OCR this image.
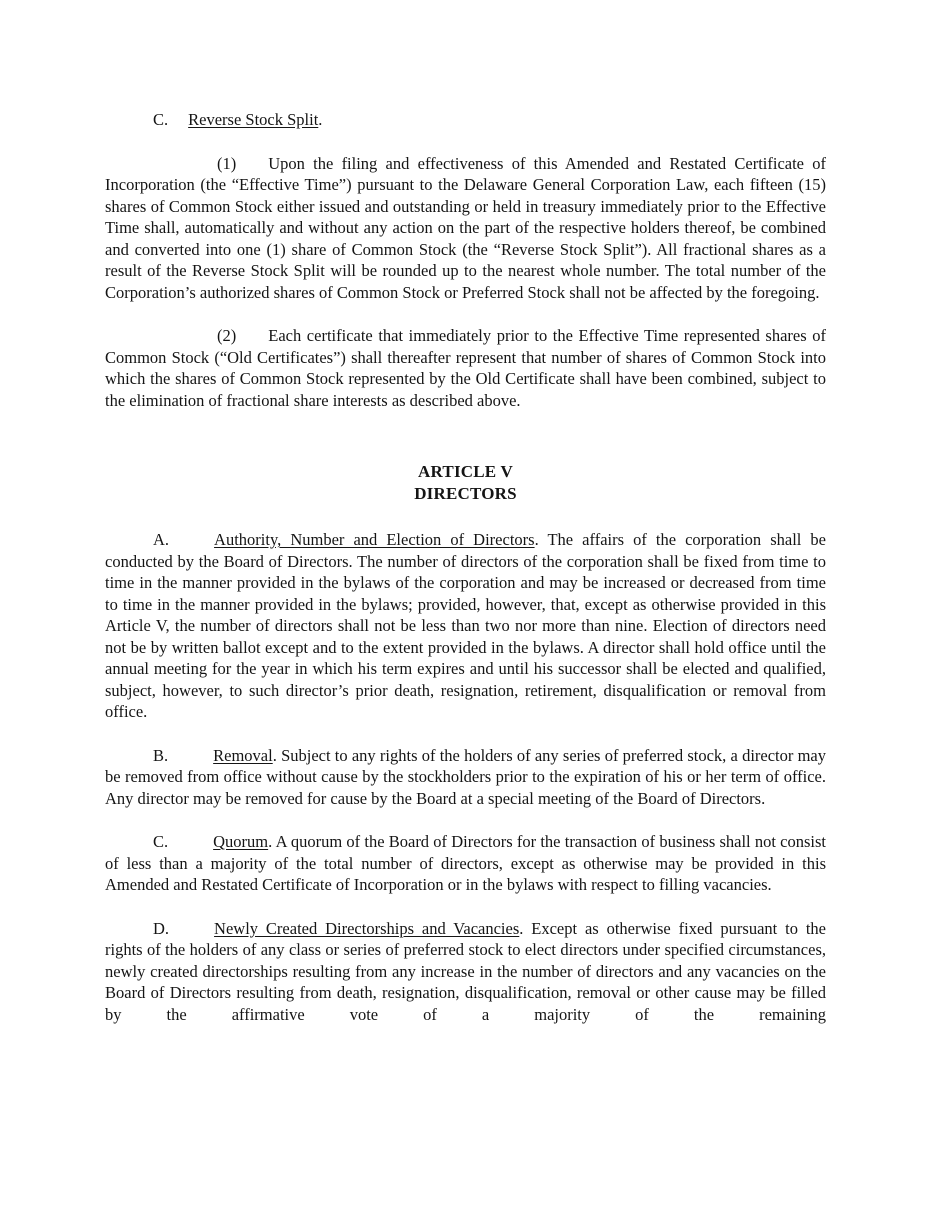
C. Reverse Stock Split.

(1) Upon the filing and effectiveness of this Amended and Restated Certificate of Incorporation (the “Effective Time”) pursuant to the Delaware General Corporation Law, each fifteen (15) shares of Common Stock either issued and outstanding or held in treasury immediately prior to the Effective Time shall, automatically and without any action on the part of the respective holders thereof, be combined and converted into one (1) share of Common Stock (the “Reverse Stock Split”). All fractional shares as a result of the Reverse Stock Split will be rounded up to the nearest whole number. The total number of the Corporation’s authorized shares of Common Stock or Preferred Stock shall not be affected by the foregoing.

(2) Each certificate that immediately prior to the Effective Time represented shares of Common Stock (“Old Certificates”) shall thereafter represent that number of shares of Common Stock into which the shares of Common Stock represented by the Old Certificate shall have been combined, subject to the elimination of fractional share interests as described above.

ARTICLE V

DIRECTORS

A.	Authority, Number and Election of Directors. The affairs of the corporation shall be conducted by the Board of Directors. The number of directors of the corporation shall be fixed from time to time in the manner provided in the bylaws of the corporation and may be increased or decreased from time to time in the manner provided in the bylaws; provided, however, that, except as otherwise provided in this Article V, the number of directors shall not be less than two nor more than nine. Election of directors need not be by written ballot except and to the extent provided in the bylaws. A director shall hold office until the annual meeting for the year in which his term expires and until his successor shall be elected and qualified, subject, however, to such director’s prior death, resignation, retirement, disqualification or removal from office.

B.	Removal. Subject to any rights of the holders of any series of preferred stock, a director may be removed from office without cause by the stockholders prior to the expiration of his or her term of office. Any director may be removed for cause by the Board at a special meeting of the Board of Directors.

C.	Quorum. A quorum of the Board of Directors for the transaction of business shall not consist of less than a majority of the total number of directors, except as otherwise may be provided in this Amended and Restated Certificate of Incorporation or in the bylaws with respect to filling vacancies.

D.	Newly Created Directorships and Vacancies. Except as otherwise fixed pursuant to the rights of the holders of any class or series of preferred stock to elect directors under specified circumstances, newly created directorships resulting from any increase in the number of directors and any vacancies on the Board of Directors resulting from death, resignation, disqualification, removal or other cause may be filled by the affirmative vote of a majority of the remaining
